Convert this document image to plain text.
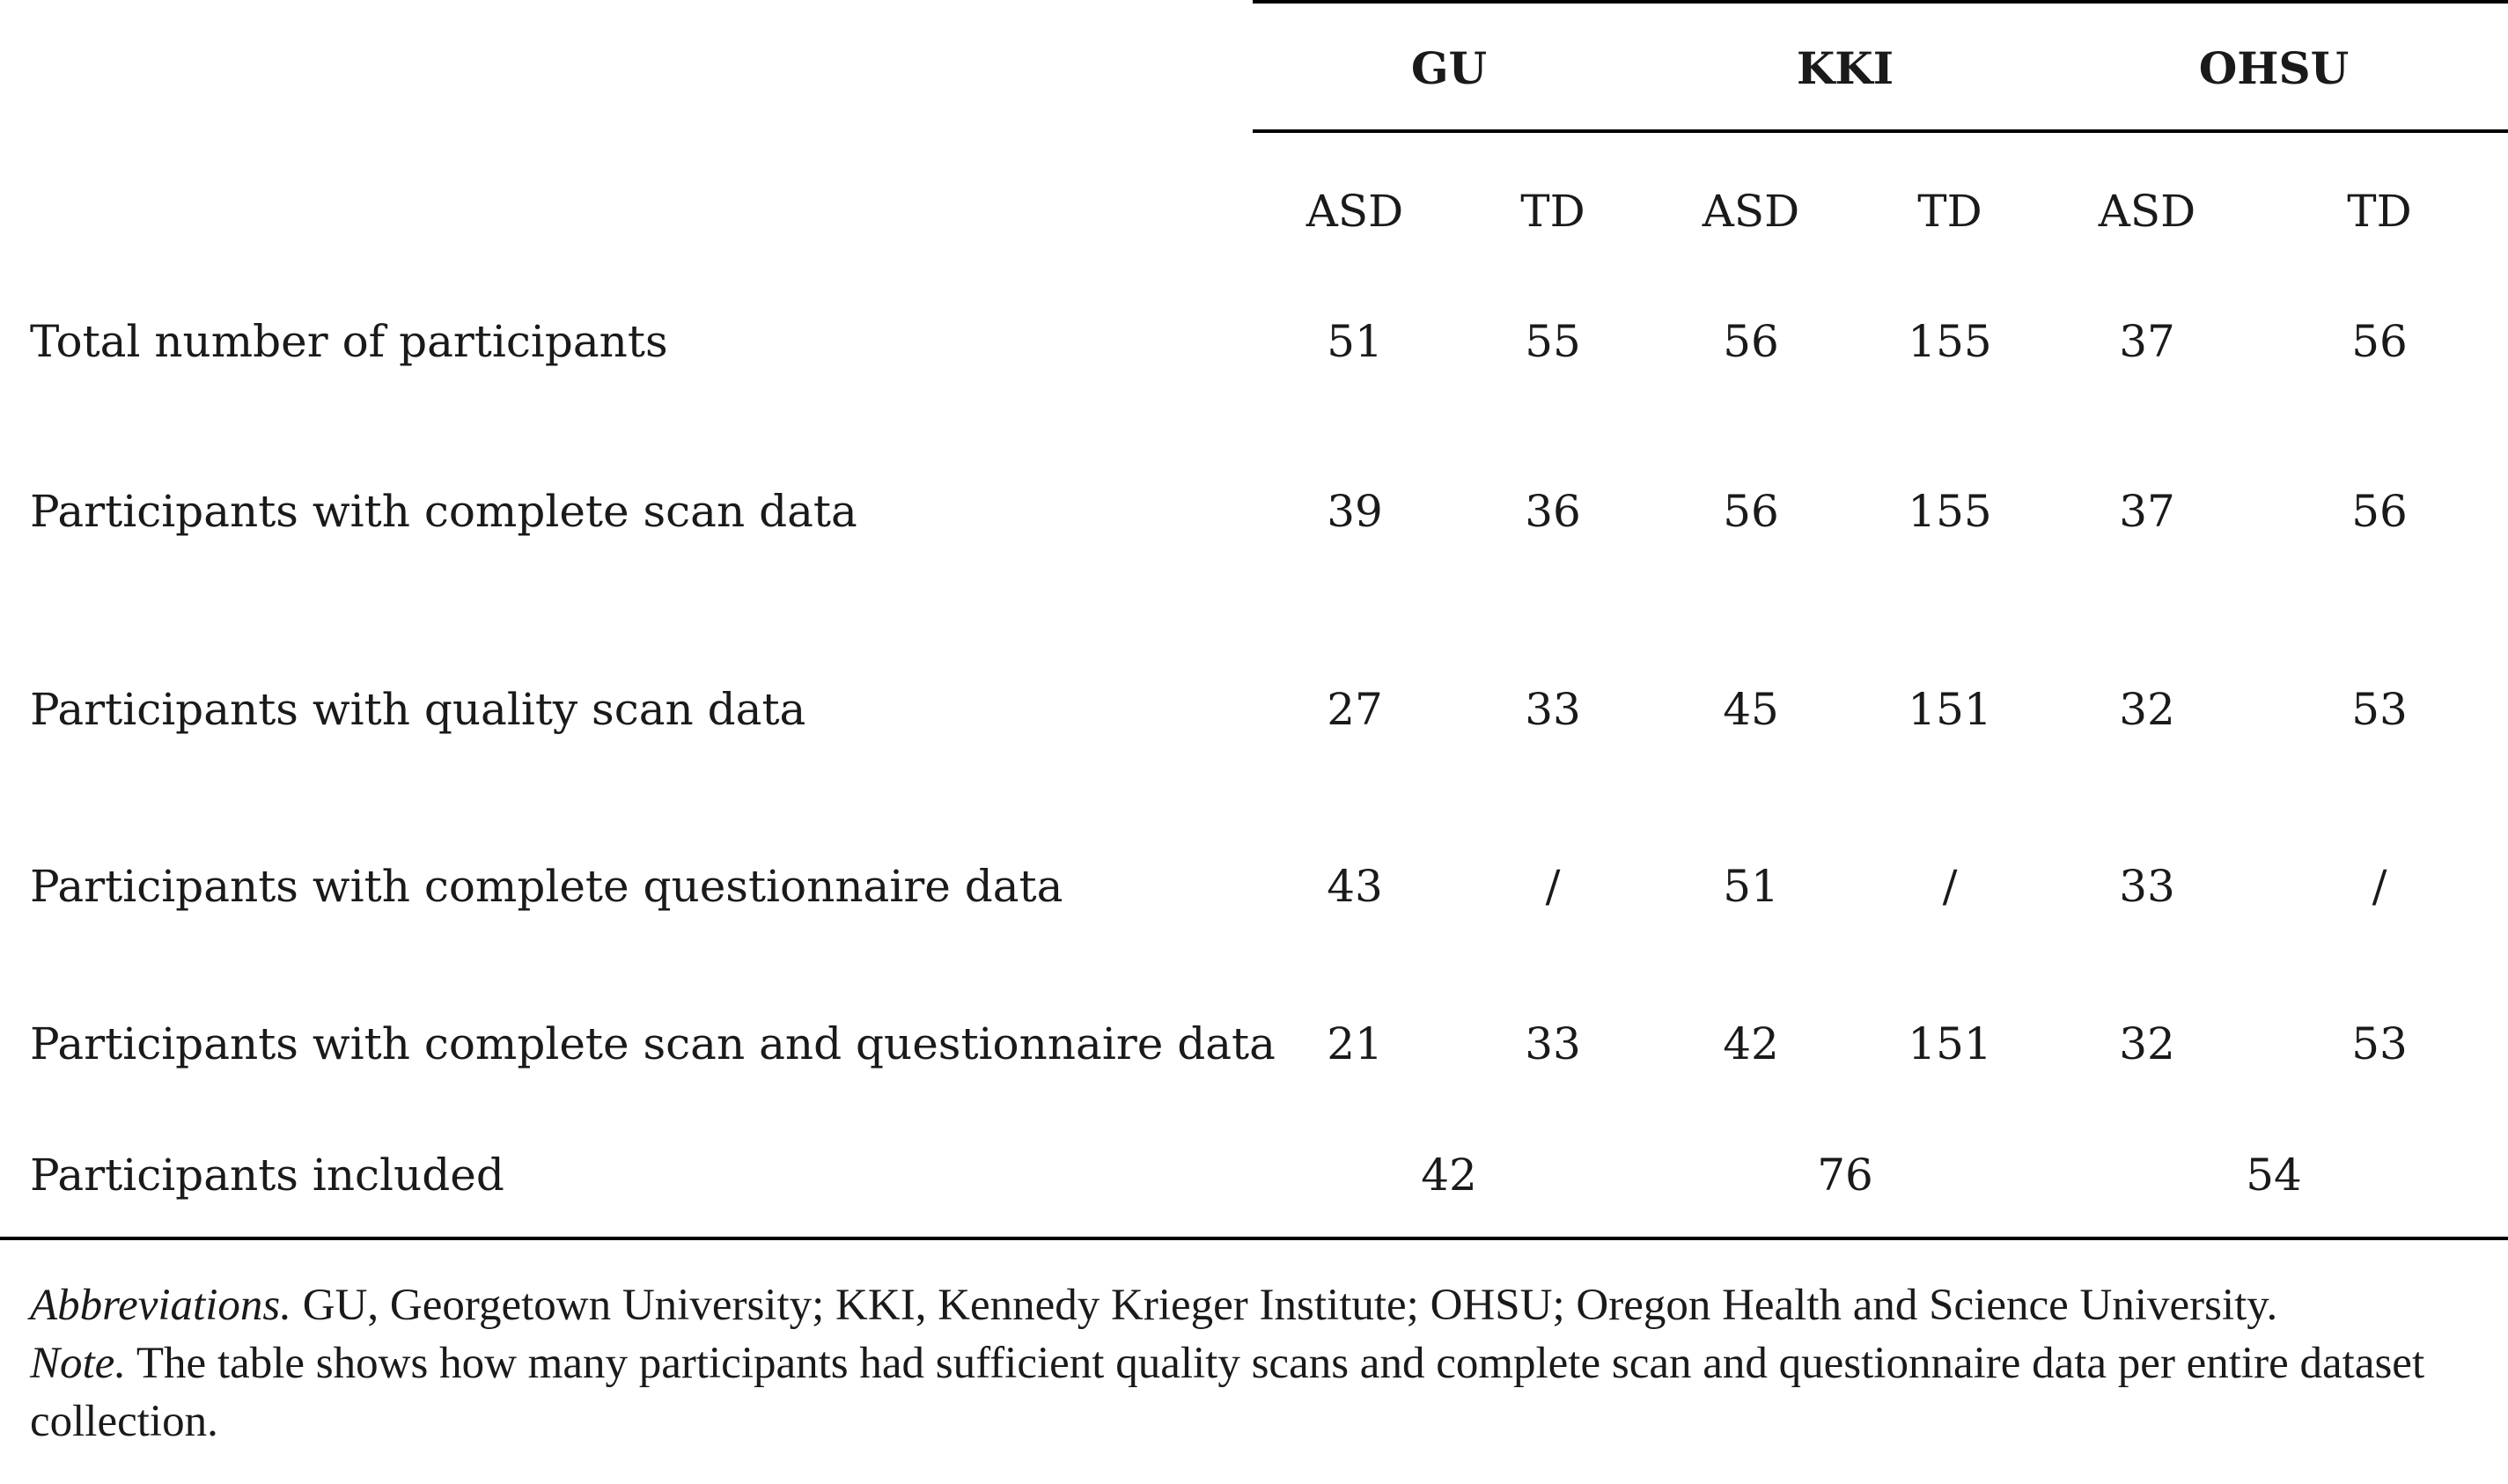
GU	KKI	OHSU
ASD	TD	ASD	TD	ASD	TD
Total number of participants	51	55	56	155	37	56
Participants with complete scan data	39	36	56	155	37	56
Participants with quality scan data	27	33	45	151	32	53
Participants with complete questionnaire data	43	/	51	/	33	/
Participants with complete scan and questionnaire data 21	33	42	151	32	53
Participants included	42	76	54
Abbreviations. GU, Georgetown University; KKI, Kennedy Krieger Institute; OHSU; Oregon Health and Science University.
Note. The table shows how many participants had sufficient quality scans and complete scan and questionnaire data per entire dataset collection.
